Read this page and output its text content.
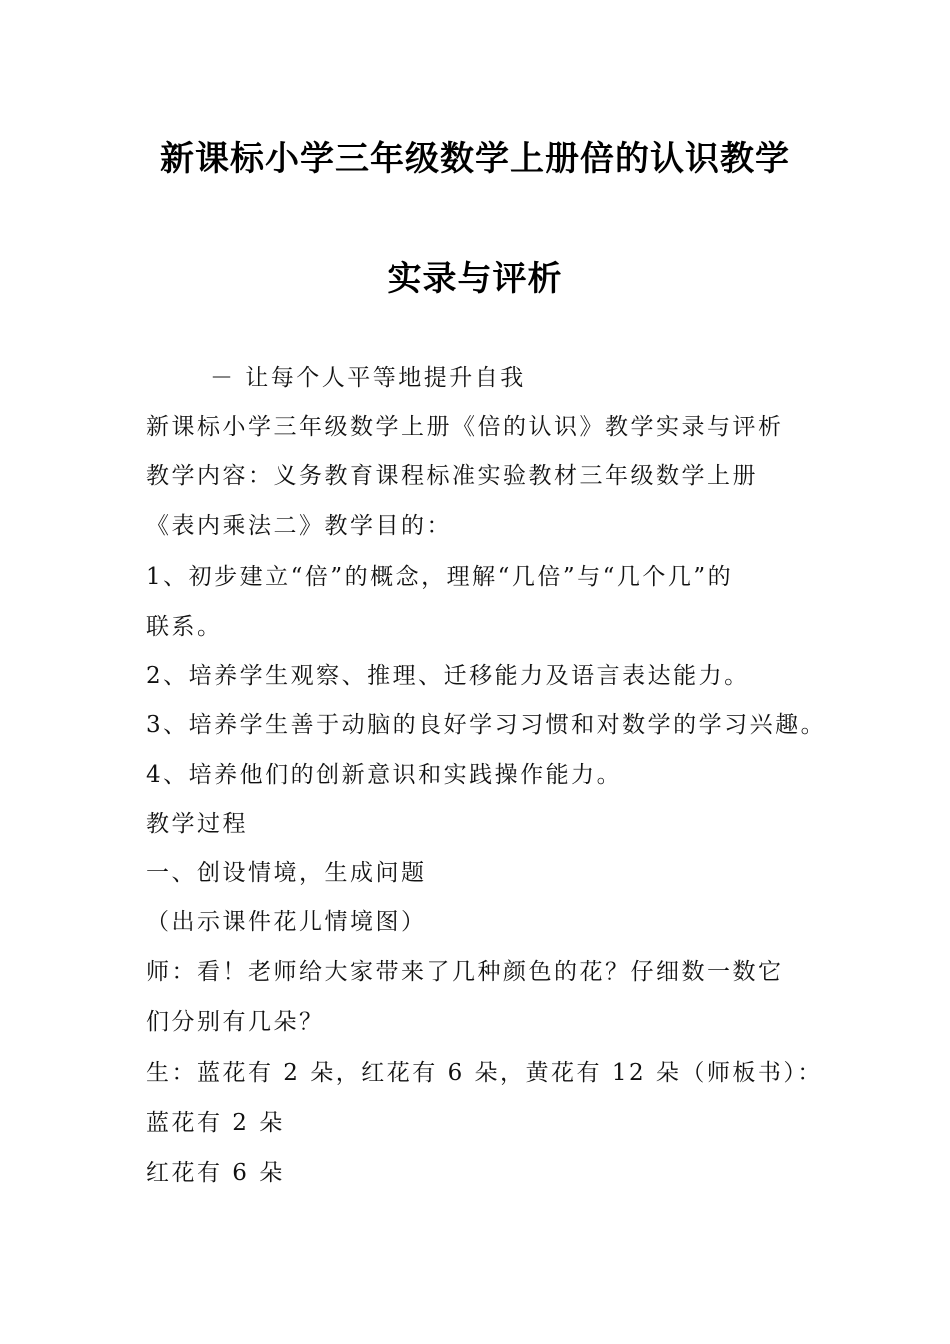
新课标小学三年级数学上册倍的认识教学
实录与评析
－ 让每个人平等地提升自我
新课标小学三年级数学上册《倍的认识》教学实录与评析
教学内容：义务教育课程标准实验教材三年级数学上册
《表内乘法二》教学目的：
1、初步建立“倍”的概念，理解“几倍”与“几个几”的
联系。
2、培养学生观察、推理、迁移能力及语言表达能力。
3、培养学生善于动脑的良好学习习惯和对数学的学习兴趣。
4、培养他们的创新意识和实践操作能力。
教学过程
一、创设情境，生成问题
（出示课件花儿情境图）
师：看！老师给大家带来了几种颜色的花？仔细数一数它
们分别有几朵？
生：蓝花有 2 朵，红花有 6 朵，黄花有 12 朵（师板书）：
蓝花有 2 朵
红花有 6 朵
